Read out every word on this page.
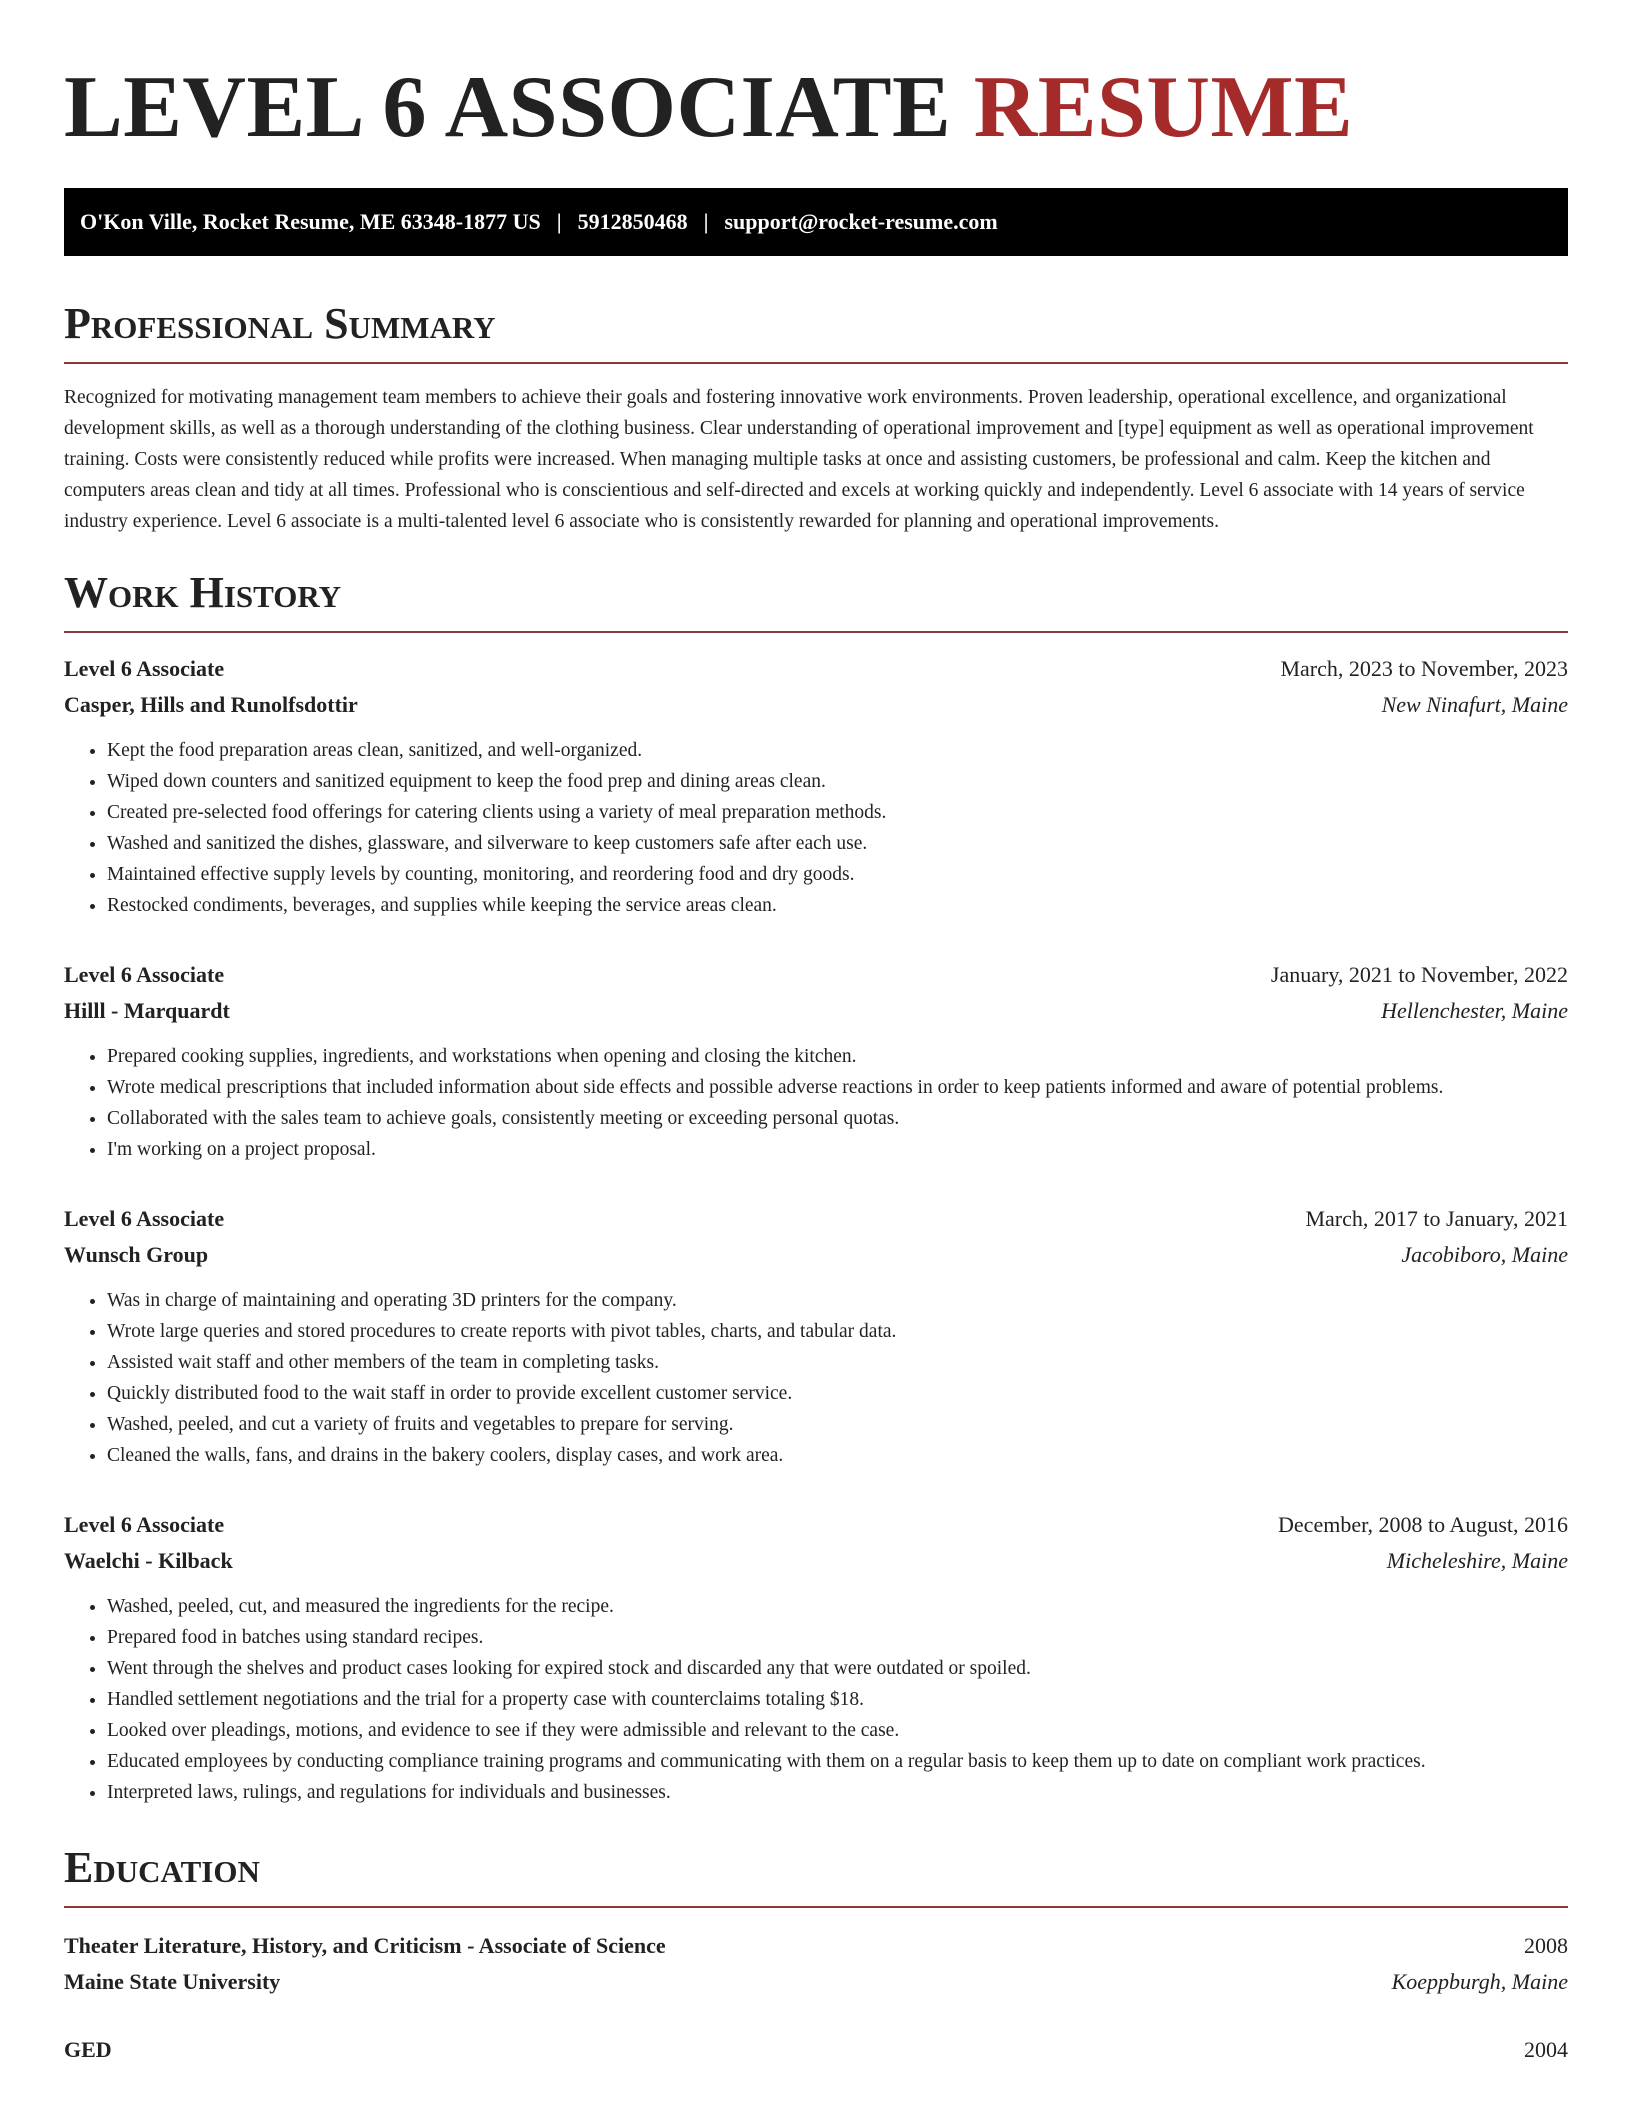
LEVEL 6 ASSOCIATE RESUME
O'Kon Ville, Rocket Resume, ME 63348-1877 US | 5912850468 | support@rocket-resume.com
Professional Summary

Recognized for motivating management team members to achieve their goals and fostering innovative work environments. Proven leadership, operational excellence, and organizational development skills, as well as a thorough understanding of the clothing business. Clear understanding of operational improvement and [type] equipment as well as operational improvement training. Costs were consistently reduced while profits were increased. When managing multiple tasks at once and assisting customers, be professional and calm. Keep the kitchen and computers areas clean and tidy at all times. Professional who is conscientious and self-directed and excels at working quickly and independently. Level 6 associate with 14 years of service industry experience. Level 6 associate is a multi-talented level 6 associate who is consistently rewarded for planning and operational improvements.

Work History
Level 6 Associate	March, 2023 to November, 2023
Casper, Hills and Runolfsdottir	New Ninafurt, Maine
• Kept the food preparation areas clean, sanitized, and well-organized.
• Wiped down counters and sanitized equipment to keep the food prep and dining areas clean.
• Created pre-selected food offerings for catering clients using a variety of meal preparation methods.
• Washed and sanitized the dishes, glassware, and silverware to keep customers safe after each use.
• Maintained effective supply levels by counting, monitoring, and reordering food and dry goods.
• Restocked condiments, beverages, and supplies while keeping the service areas clean.
Level 6 Associate	January, 2021 to November, 2022
Hilll - Marquardt	Hellenchester, Maine
• Prepared cooking supplies, ingredients, and workstations when opening and closing the kitchen.
• Wrote medical prescriptions that included information about side effects and possible adverse reactions in order to keep patients informed and aware of potential problems.
• Collaborated with the sales team to achieve goals, consistently meeting or exceeding personal quotas.
• I'm working on a project proposal.
Level 6 Associate	March, 2017 to January, 2021
Wunsch Group	Jacobiboro, Maine
• Was in charge of maintaining and operating 3D printers for the company.
• Wrote large queries and stored procedures to create reports with pivot tables, charts, and tabular data.
• Assisted wait staff and other members of the team in completing tasks.
• Quickly distributed food to the wait staff in order to provide excellent customer service.
• Washed, peeled, and cut a variety of fruits and vegetables to prepare for serving.
• Cleaned the walls, fans, and drains in the bakery coolers, display cases, and work area.
Level 6 Associate	December, 2008 to August, 2016
Waelchi - Kilback	Micheleshire, Maine
• Washed, peeled, cut, and measured the ingredients for the recipe.
• Prepared food in batches using standard recipes.
• Went through the shelves and product cases looking for expired stock and discarded any that were outdated or spoiled.
• Handled settlement negotiations and the trial for a property case with counterclaims totaling $18.
• Looked over pleadings, motions, and evidence to see if they were admissible and relevant to the case.
• Educated employees by conducting compliance training programs and communicating with them on a regular basis to keep them up to date on compliant work practices.
• Interpreted laws, rulings, and regulations for individuals and businesses.
Education
Theater Literature, History, and Criticism - Associate of Science	2008
Maine State University	Koeppburgh, Maine
GED	2004
